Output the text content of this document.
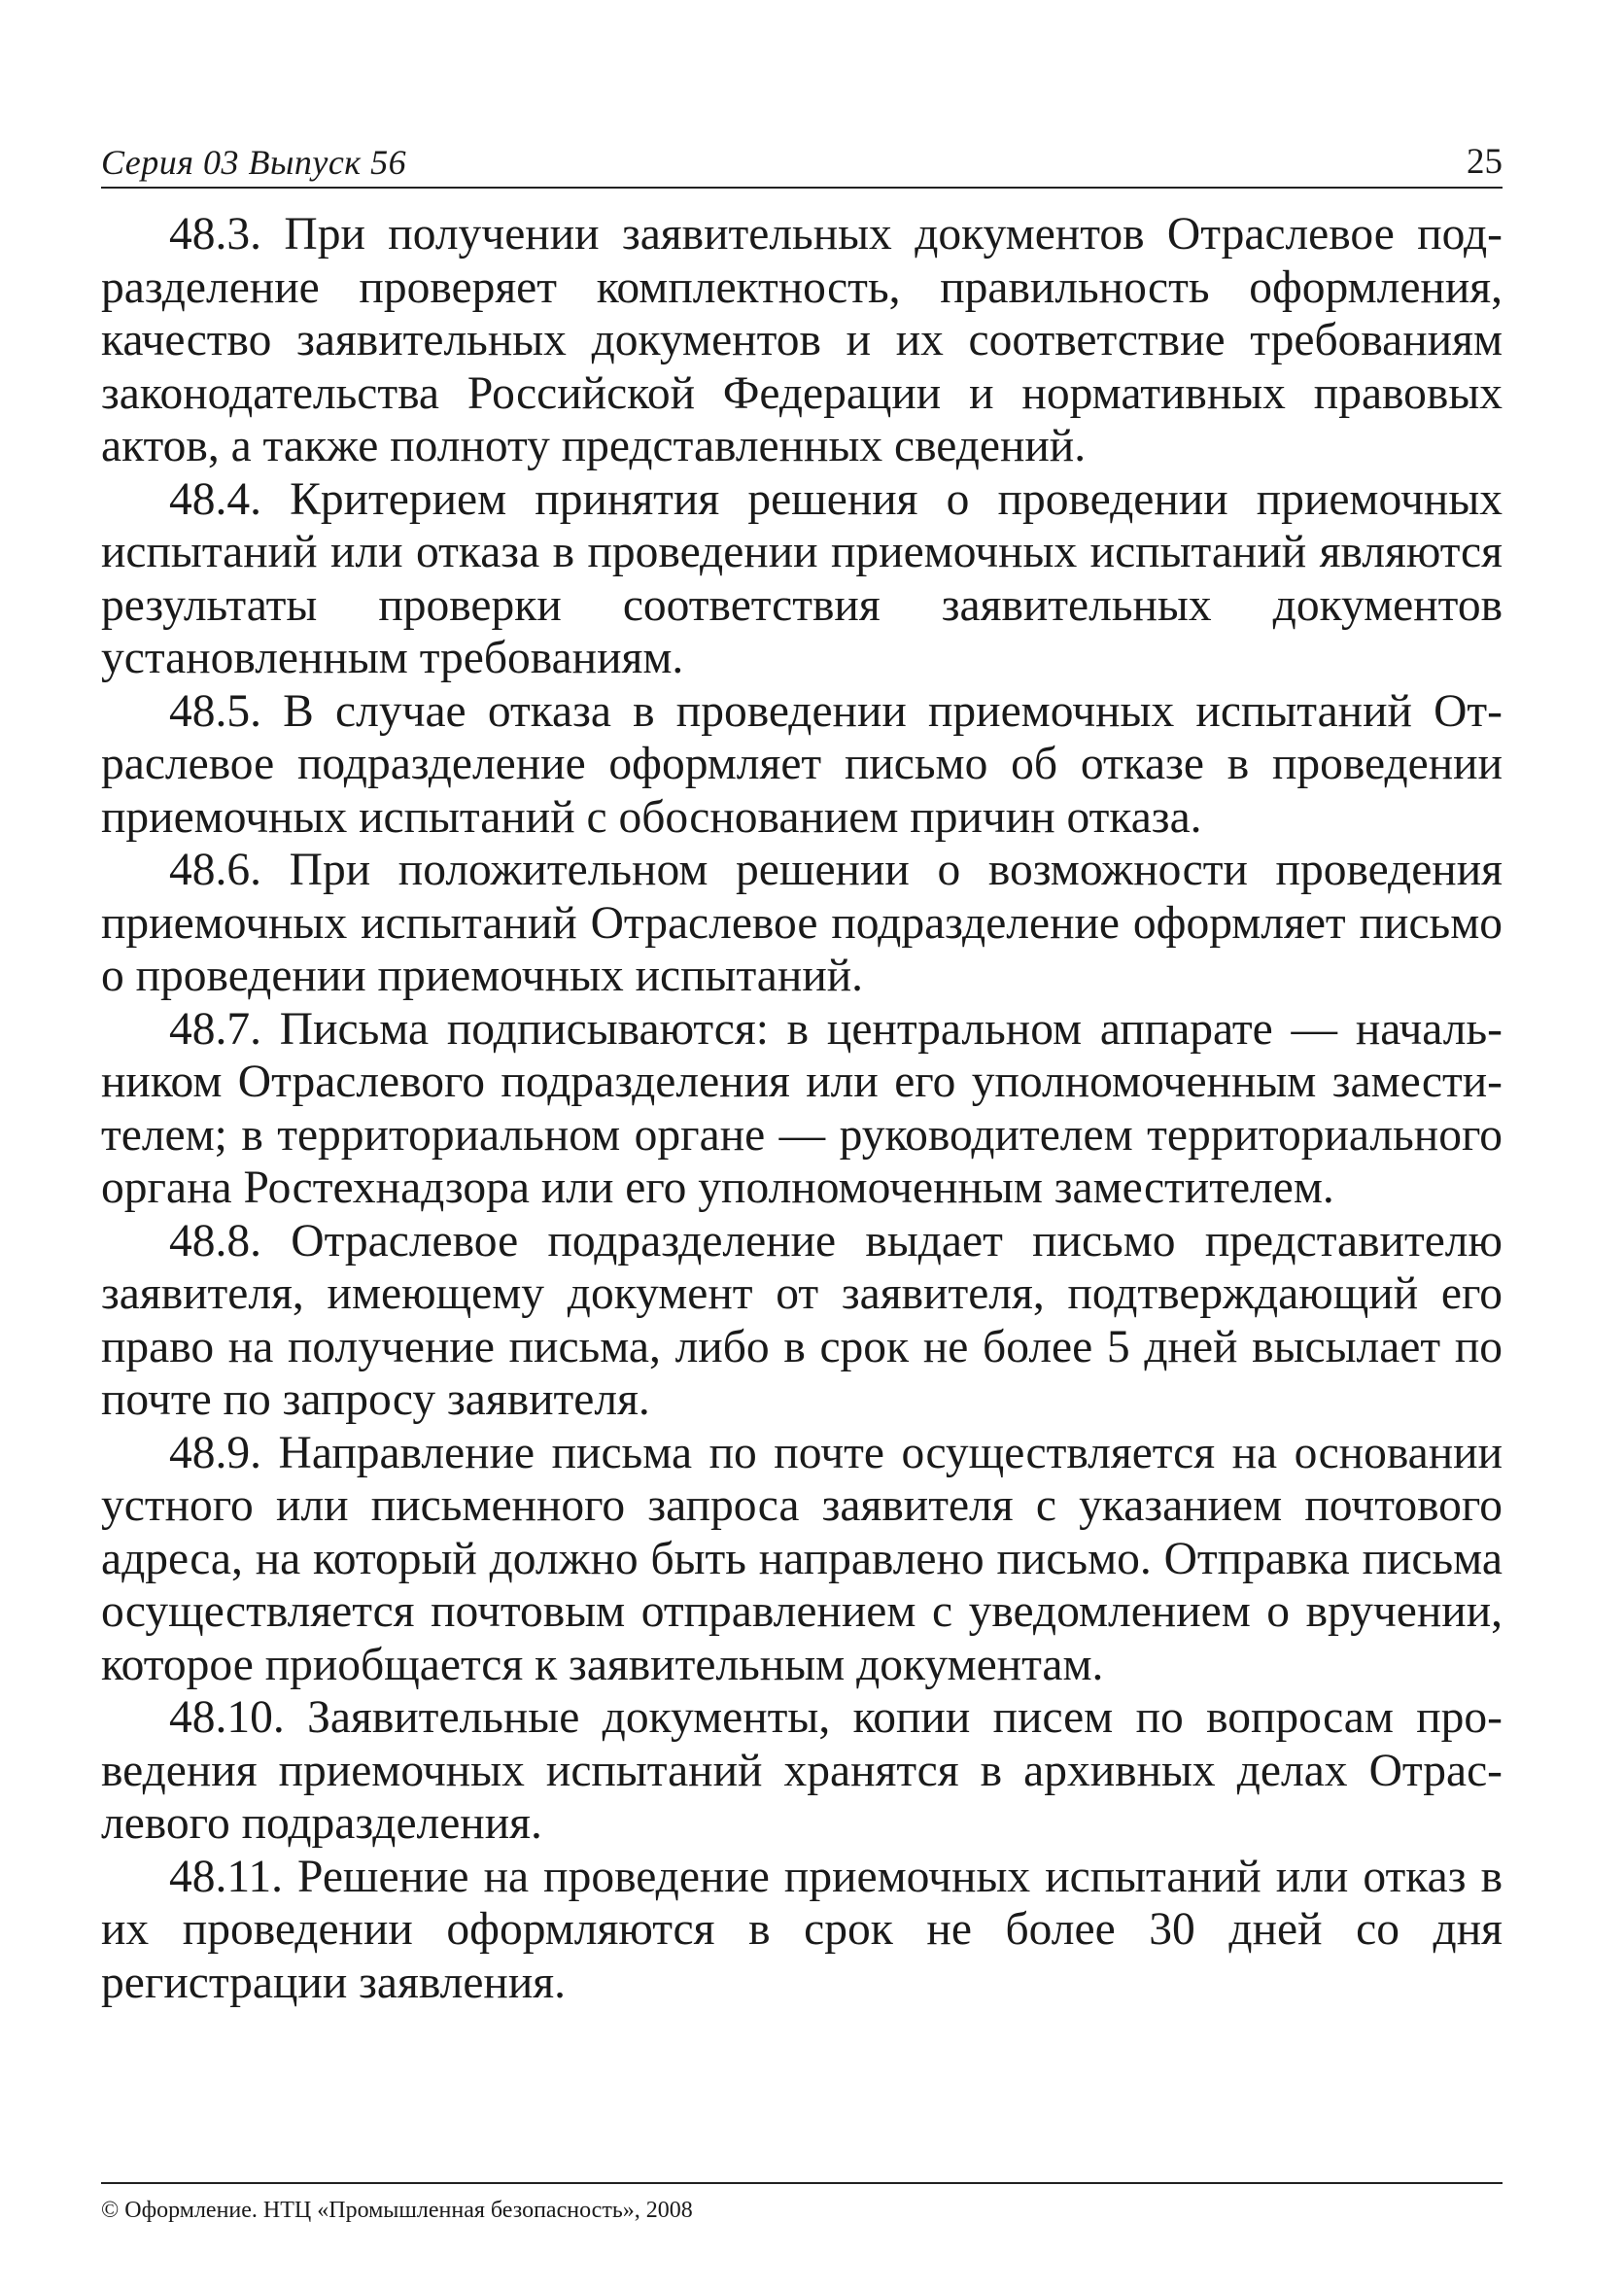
Серия 03 Выпуск 56	25

48.3. При получении заявительных документов Отраслевое подразделение проверяет комплектность, правильность оформления, качество заявительных документов и их соответствие требованиям законодательства Российской Федерации и нормативных правовых актов, а также полноту представленных сведений.

48.4. Критерием принятия решения о проведении приемочных испытаний или отказа в проведении приемочных испытаний являются результаты проверки соответствия заявительных документов установленным требованиям.

48.5. В случае отказа в проведении приемочных испытаний Отраслевое подразделение оформляет письмо об отказе в проведении приемочных испытаний с обоснованием причин отказа.

48.6. При положительном решении о возможности проведения приемочных испытаний Отраслевое подразделение оформляет письмо о проведении приемочных испытаний.

48.7. Письма подписываются: в центральном аппарате — начальником Отраслевого подразделения или его уполномоченным заместителем; в территориальном органе — руководителем территориального органа Ростехнадзора или его уполномоченным заместителем.

48.8. Отраслевое подразделение выдает письмо представителю заявителя, имеющему документ от заявителя, подтверждающий его право на получение письма, либо в срок не более 5 дней высылает по почте по запросу заявителя.

48.9. Направление письма по почте осуществляется на основании устного или письменного запроса заявителя с указанием почтового адреса, на который должно быть направлено письмо. Отправка письма осуществляется почтовым отправлением с уведомлением о вручении, которое приобщается к заявительным документам.

48.10. Заявительные документы, копии писем по вопросам проведения приемочных испытаний хранятся в архивных делах Отраслевого подразделения.

48.11. Решение на проведение приемочных испытаний или отказ в их проведении оформляются в срок не более 30 дней со дня регистрации заявления.

© Оформление. НТЦ «Промышленная безопасность», 2008
